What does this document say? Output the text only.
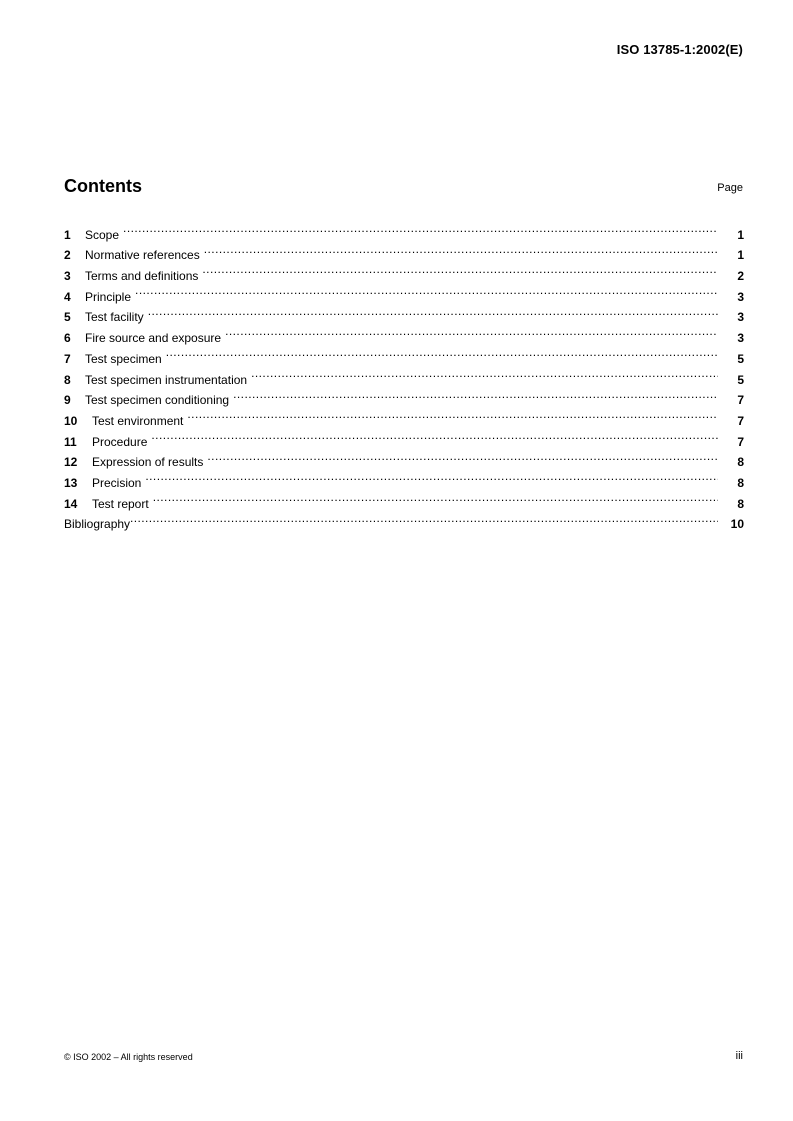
ISO 13785-1:2002(E)
Contents	Page
1	Scope .....	1
2	Normative references .....	1
3	Terms and definitions .....	2
4	Principle .....	3
5	Test facility .....	3
6	Fire source and exposure .....	3
7	Test specimen .....	5
8	Test specimen instrumentation .....	5
9	Test specimen conditioning .....	7
10	Test environment .....	7
11	Procedure .....	7
12	Expression of results .....	8
13	Precision .....	8
14	Test report .....	8
Bibliography .....	10
© ISO 2002 – All rights reserved	iii
